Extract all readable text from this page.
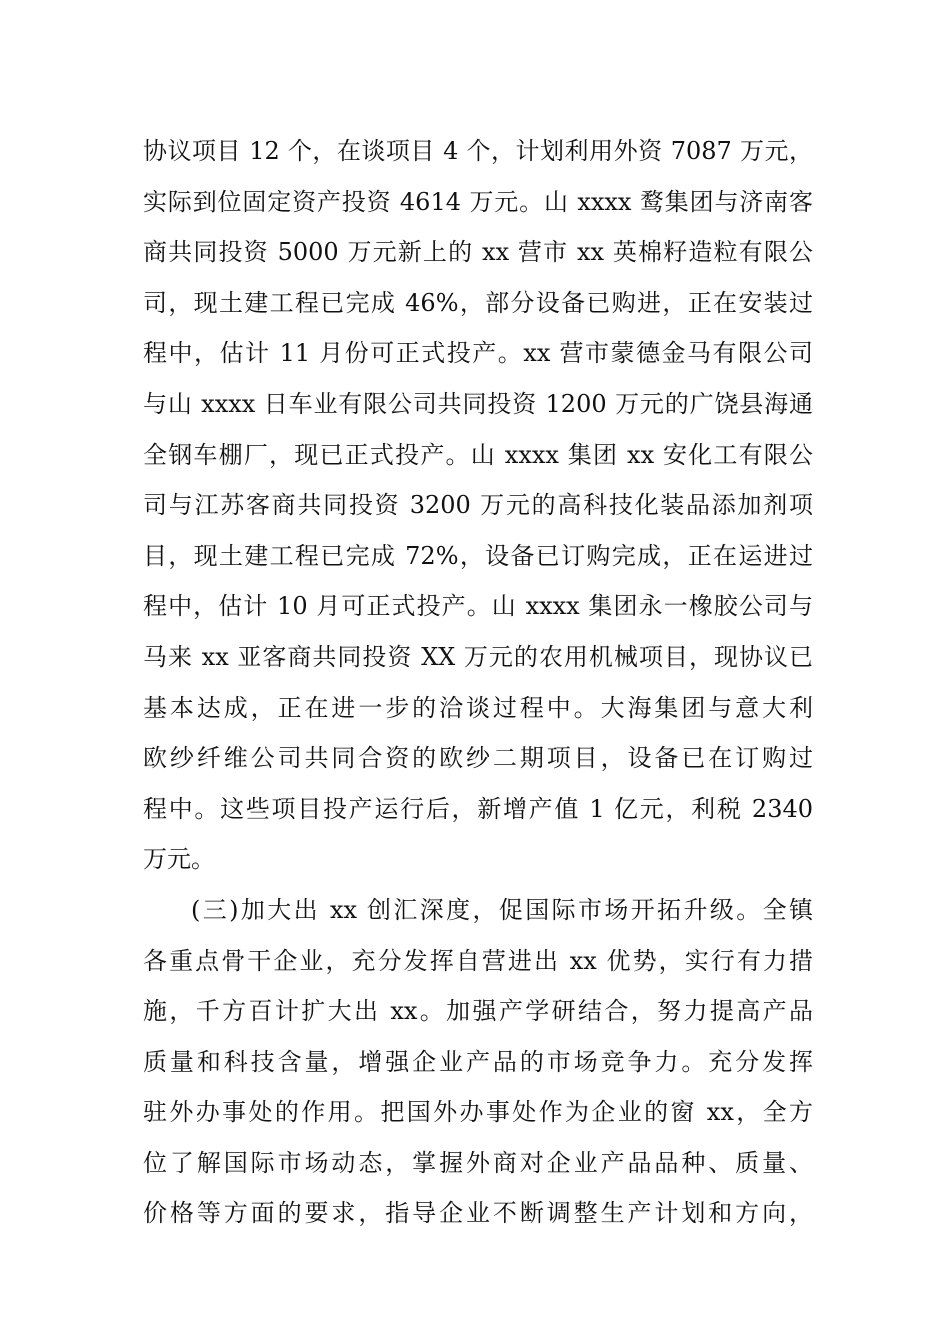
协议项目 12 个，在谈项目 4 个，计划利用外资 7087 万元，
实际到位固定资产投资 4614 万元。山 xxxx 鹜集团与济南客
商共同投资 5000 万元新上的 xx 营市 xx 英棉籽造粒有限公
司，现土建工程已完成 46%，部分设备已购进，正在安装过
程中，估计 11 月份可正式投产。xx 营市蒙德金马有限公司
与山 xxxx 日车业有限公司共同投资 1200 万元的广饶县海通
全钢车棚厂，现已正式投产。山 xxxx 集团 xx 安化工有限公
司与江苏客商共同投资 3200 万元的高科技化装品添加剂项
目，现土建工程已完成 72%，设备已订购完成，正在运进过
程中，估计 10 月可正式投产。山 xxxx 集团永一橡胶公司与
马来 xx 亚客商共同投资 XX 万元的农用机械项目，现协议已
基本达成，正在进一步的洽谈过程中。大海集团与意大利
欧纱纤维公司共同合资的欧纱二期项目，设备已在订购过
程中。这些项目投产运行后，新增产值 1 亿元，利税 2340
万元。
(三)加大出 xx 创汇深度，促国际市场开拓升级。全镇
各重点骨干企业，充分发挥自营进出 xx 优势，实行有力措
施，千方百计扩大出 xx。加强产学研结合，努力提高产品
质量和科技含量，增强企业产品的市场竞争力。充分发挥
驻外办事处的作用。把国外办事处作为企业的窗 xx，全方
位了解国际市场动态，掌握外商对企业产品品种、质量、
价格等方面的要求，指导企业不断调整生产计划和方向，
